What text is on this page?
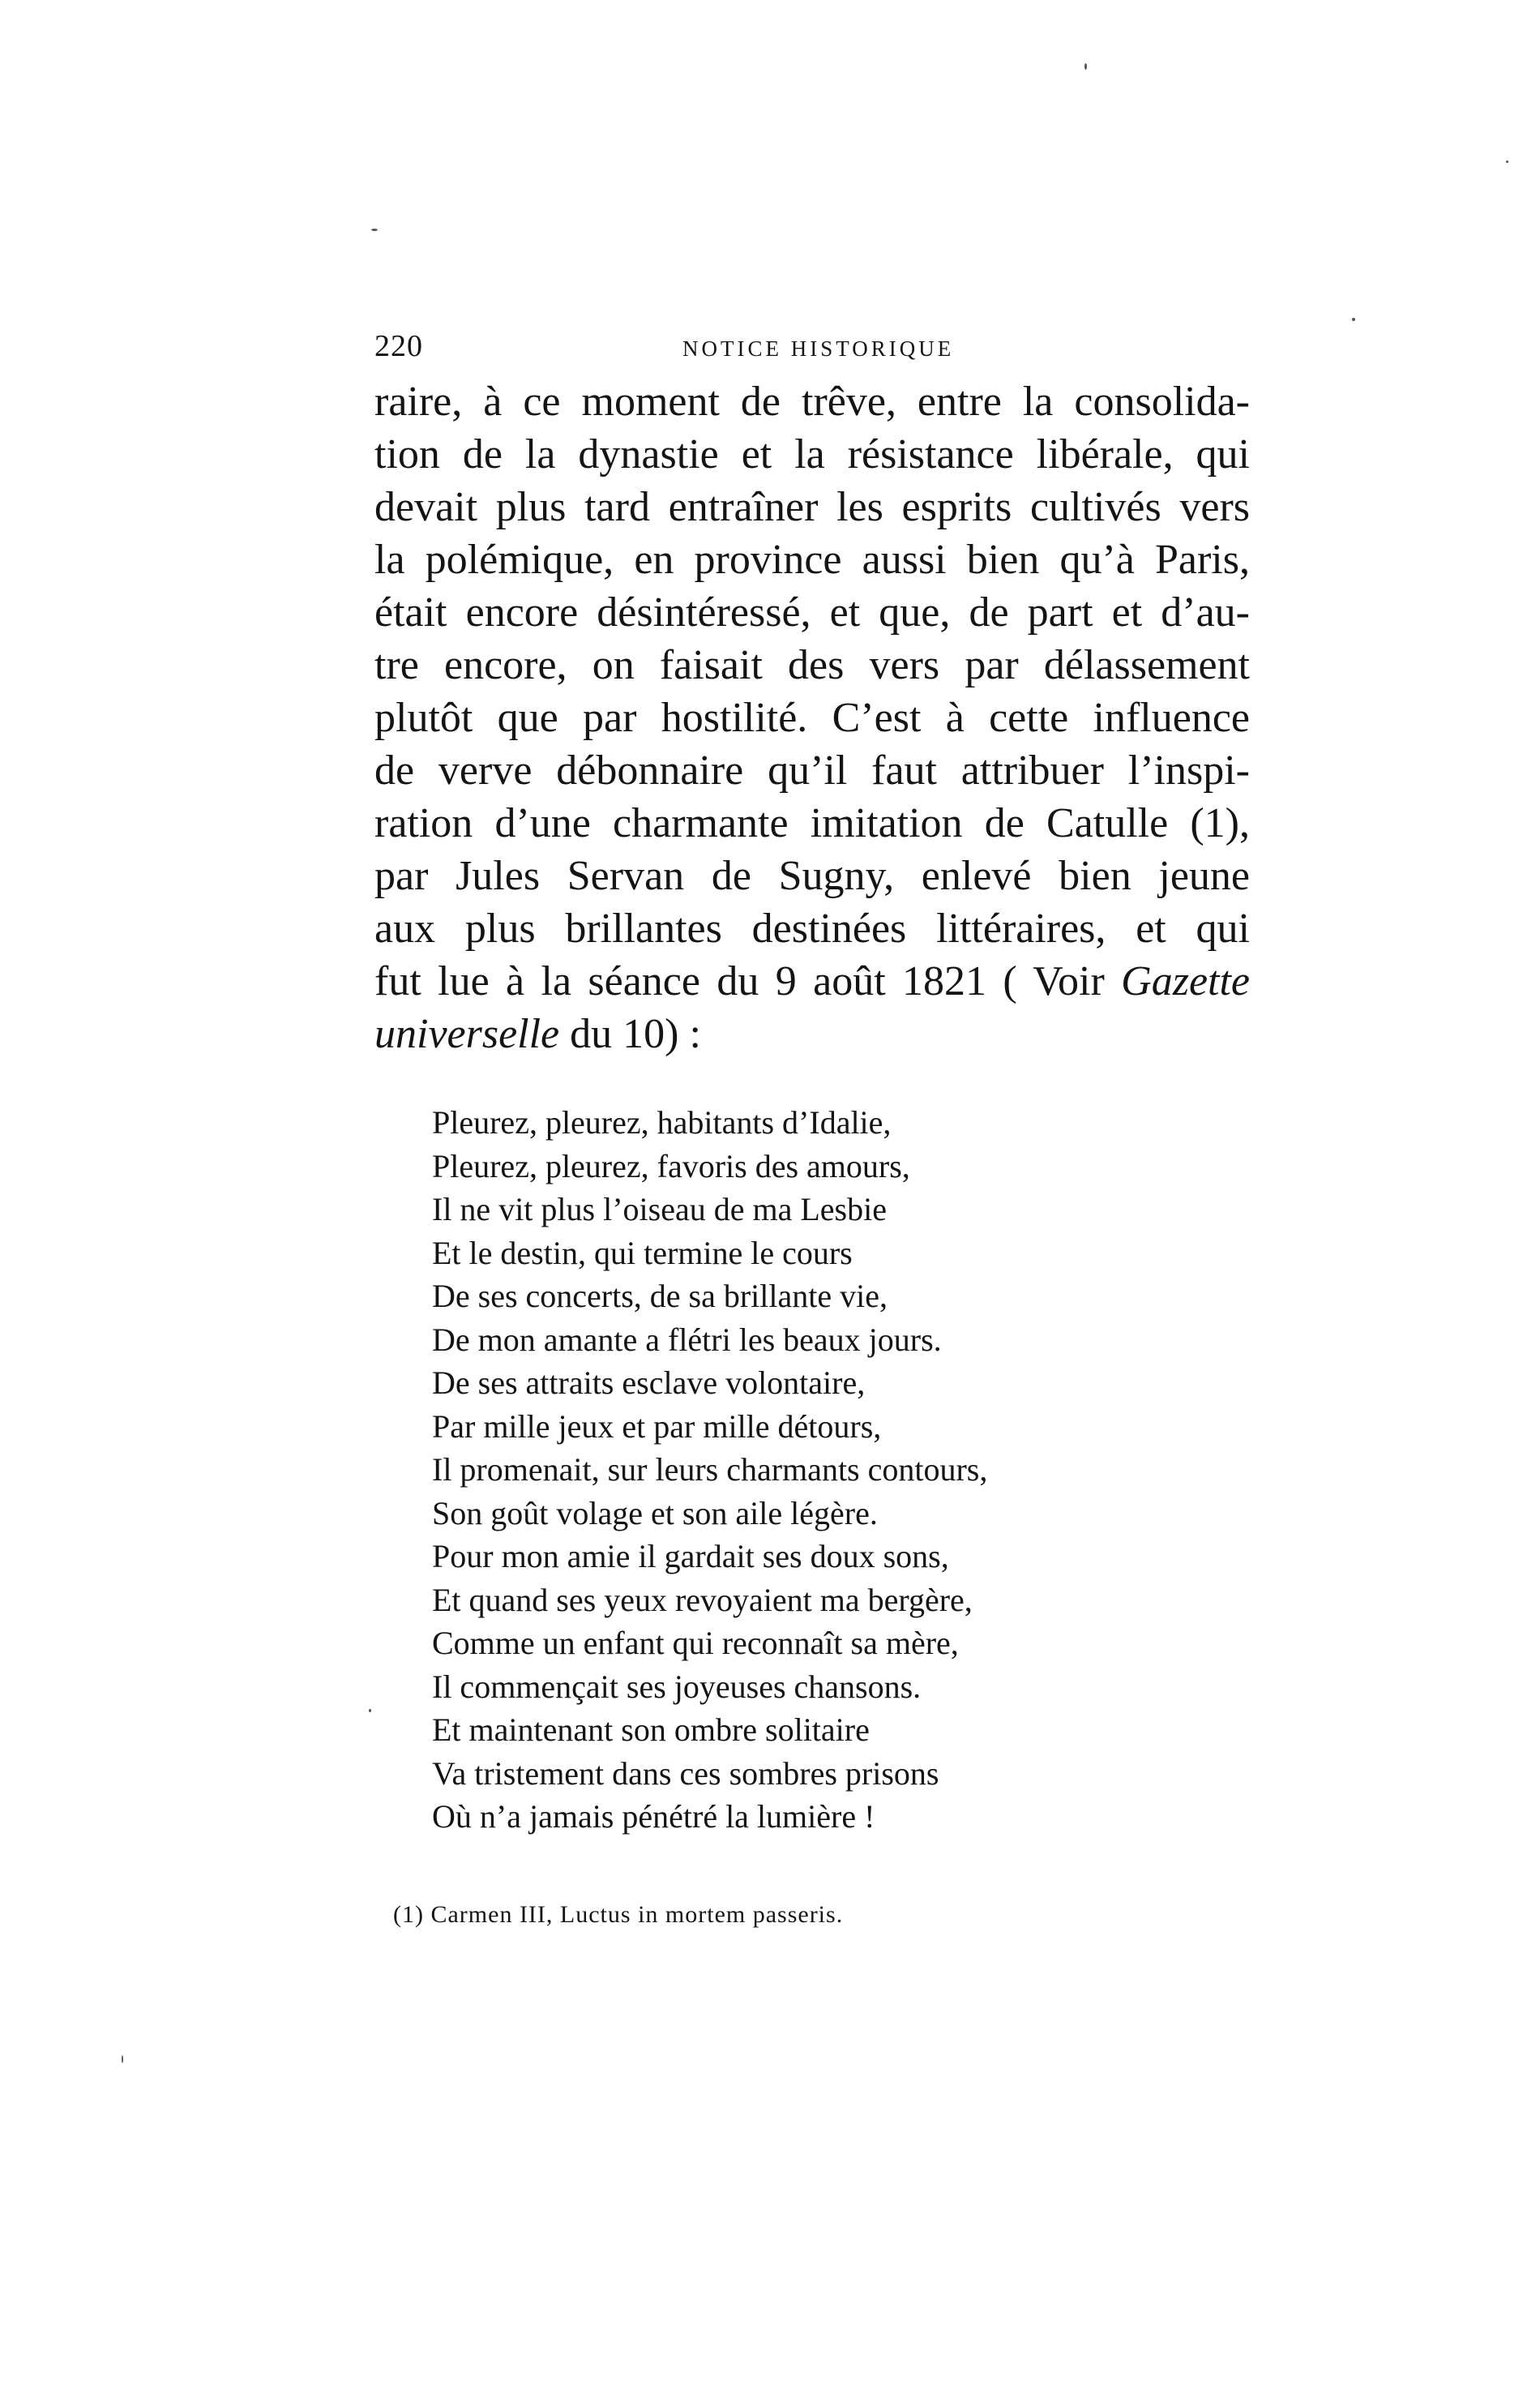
220	NOTICE HISTORIQUE
raire, à ce moment de trêve, entre la consolida-
tion de la dynastie et la résistance libérale, qui
devait plus tard entraîner les esprits cultivés vers
la polémique, en province aussi bien qu’à Paris,
était encore désintéressé, et que, de part et d’au-
tre encore, on faisait des vers par délassement
plutôt que par hostilité. C’est à cette influence
de verve débonnaire qu’il faut attribuer l’inspi-
ration d’une charmante imitation de Catulle (1),
par Jules Servan de Sugny, enlevé bien jeune
aux plus brillantes destinées littéraires, et qui
fut lue à la séance du 9 août 1821 ( Voir Gazette
universelle du 10) :
Pleurez, pleurez, habitants d’Idalie,
Pleurez, pleurez, favoris des amours,
Il ne vit plus l’oiseau de ma Lesbie
Et le destin, qui termine le cours
De ses concerts, de sa brillante vie,
De mon amante a flétri les beaux jours.
De ses attraits esclave volontaire,
Par mille jeux et par mille détours,
Il promenait, sur leurs charmants contours,
Son goût volage et son aile légère.
Pour mon amie il gardait ses doux sons,
Et quand ses yeux revoyaient ma bergère,
Comme un enfant qui reconnaît sa mère,
Il commençait ses joyeuses chansons.
Et maintenant son ombre solitaire
Va tristement dans ces sombres prisons
Où n’a jamais pénétré la lumière !
(1) Carmen III, Luctus in mortem passeris.
